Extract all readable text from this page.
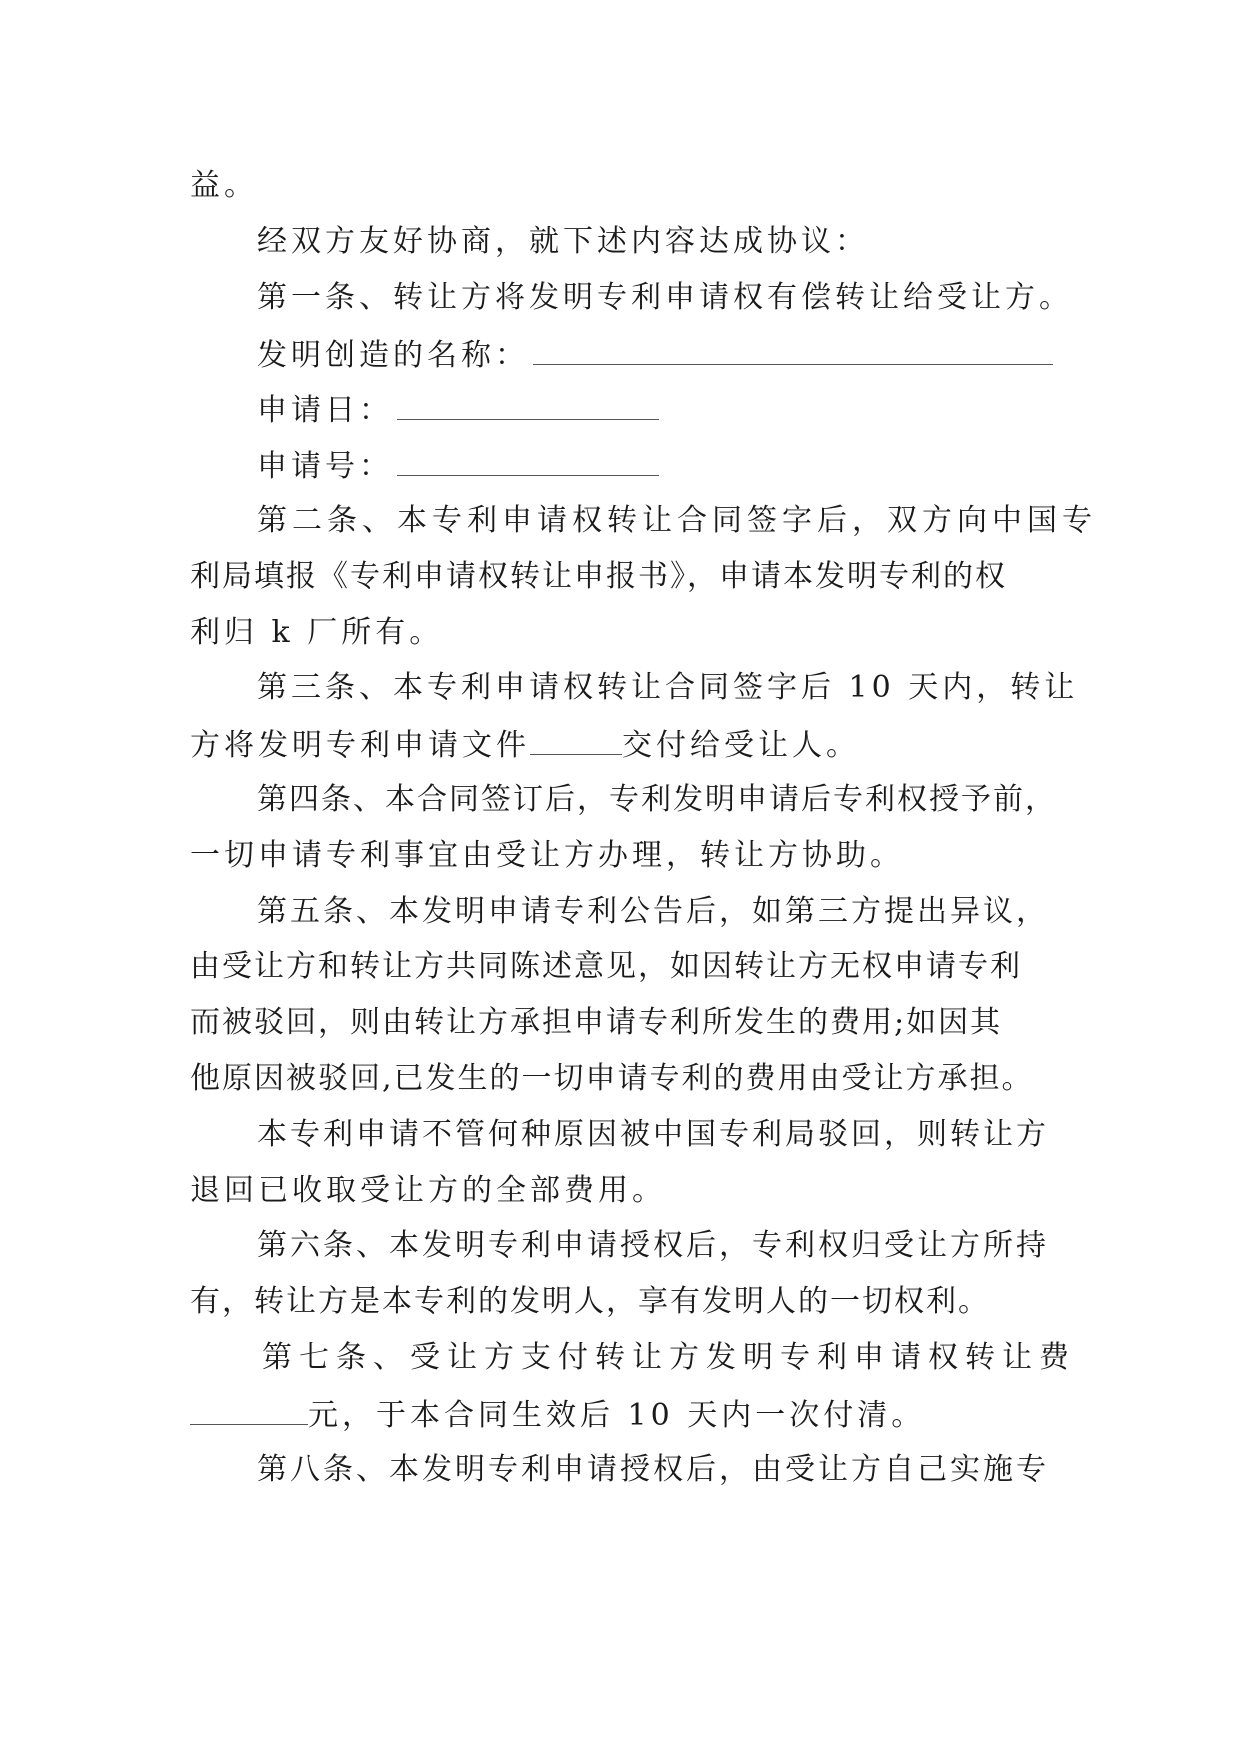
益。
经双方友好协商，就下述内容达成协议：
第一条、转让方将发明专利申请权有偿转让给受让方。
发明创造的名称：
申请日：
申请号：
第二条、本专利申请权转让合同签字后，双方向中国专
利局填报《专利申请权转让申报书》，申请本发明专利的权
利归 k 厂所有。
第三条、本专利申请权转让合同签字后 10 天内，转让
方将发明专利申请文件	交付给受让人。
第四条、本合同签订后，专利发明申请后专利权授予前，
一切申请专利事宜由受让方办理，转让方协助。
第五条、本发明申请专利公告后，如第三方提出异议，
由受让方和转让方共同陈述意见，如因转让方无权申请专利
而被驳回，则由转让方承担申请专利所发生的费用;如因其
他原因被驳回,已发生的一切申请专利的费用由受让方承担。
本专利申请不管何种原因被中国专利局驳回，则转让方
退回已收取受让方的全部费用。
第六条、本发明专利申请授权后，专利权归受让方所持
有，转让方是本专利的发明人，享有发明人的一切权利。
第七条、受让方支付转让方发明专利申请权转让费
元，于本合同生效后 10 天内一次付清。
第八条、本发明专利申请授权后，由受让方自己实施专
